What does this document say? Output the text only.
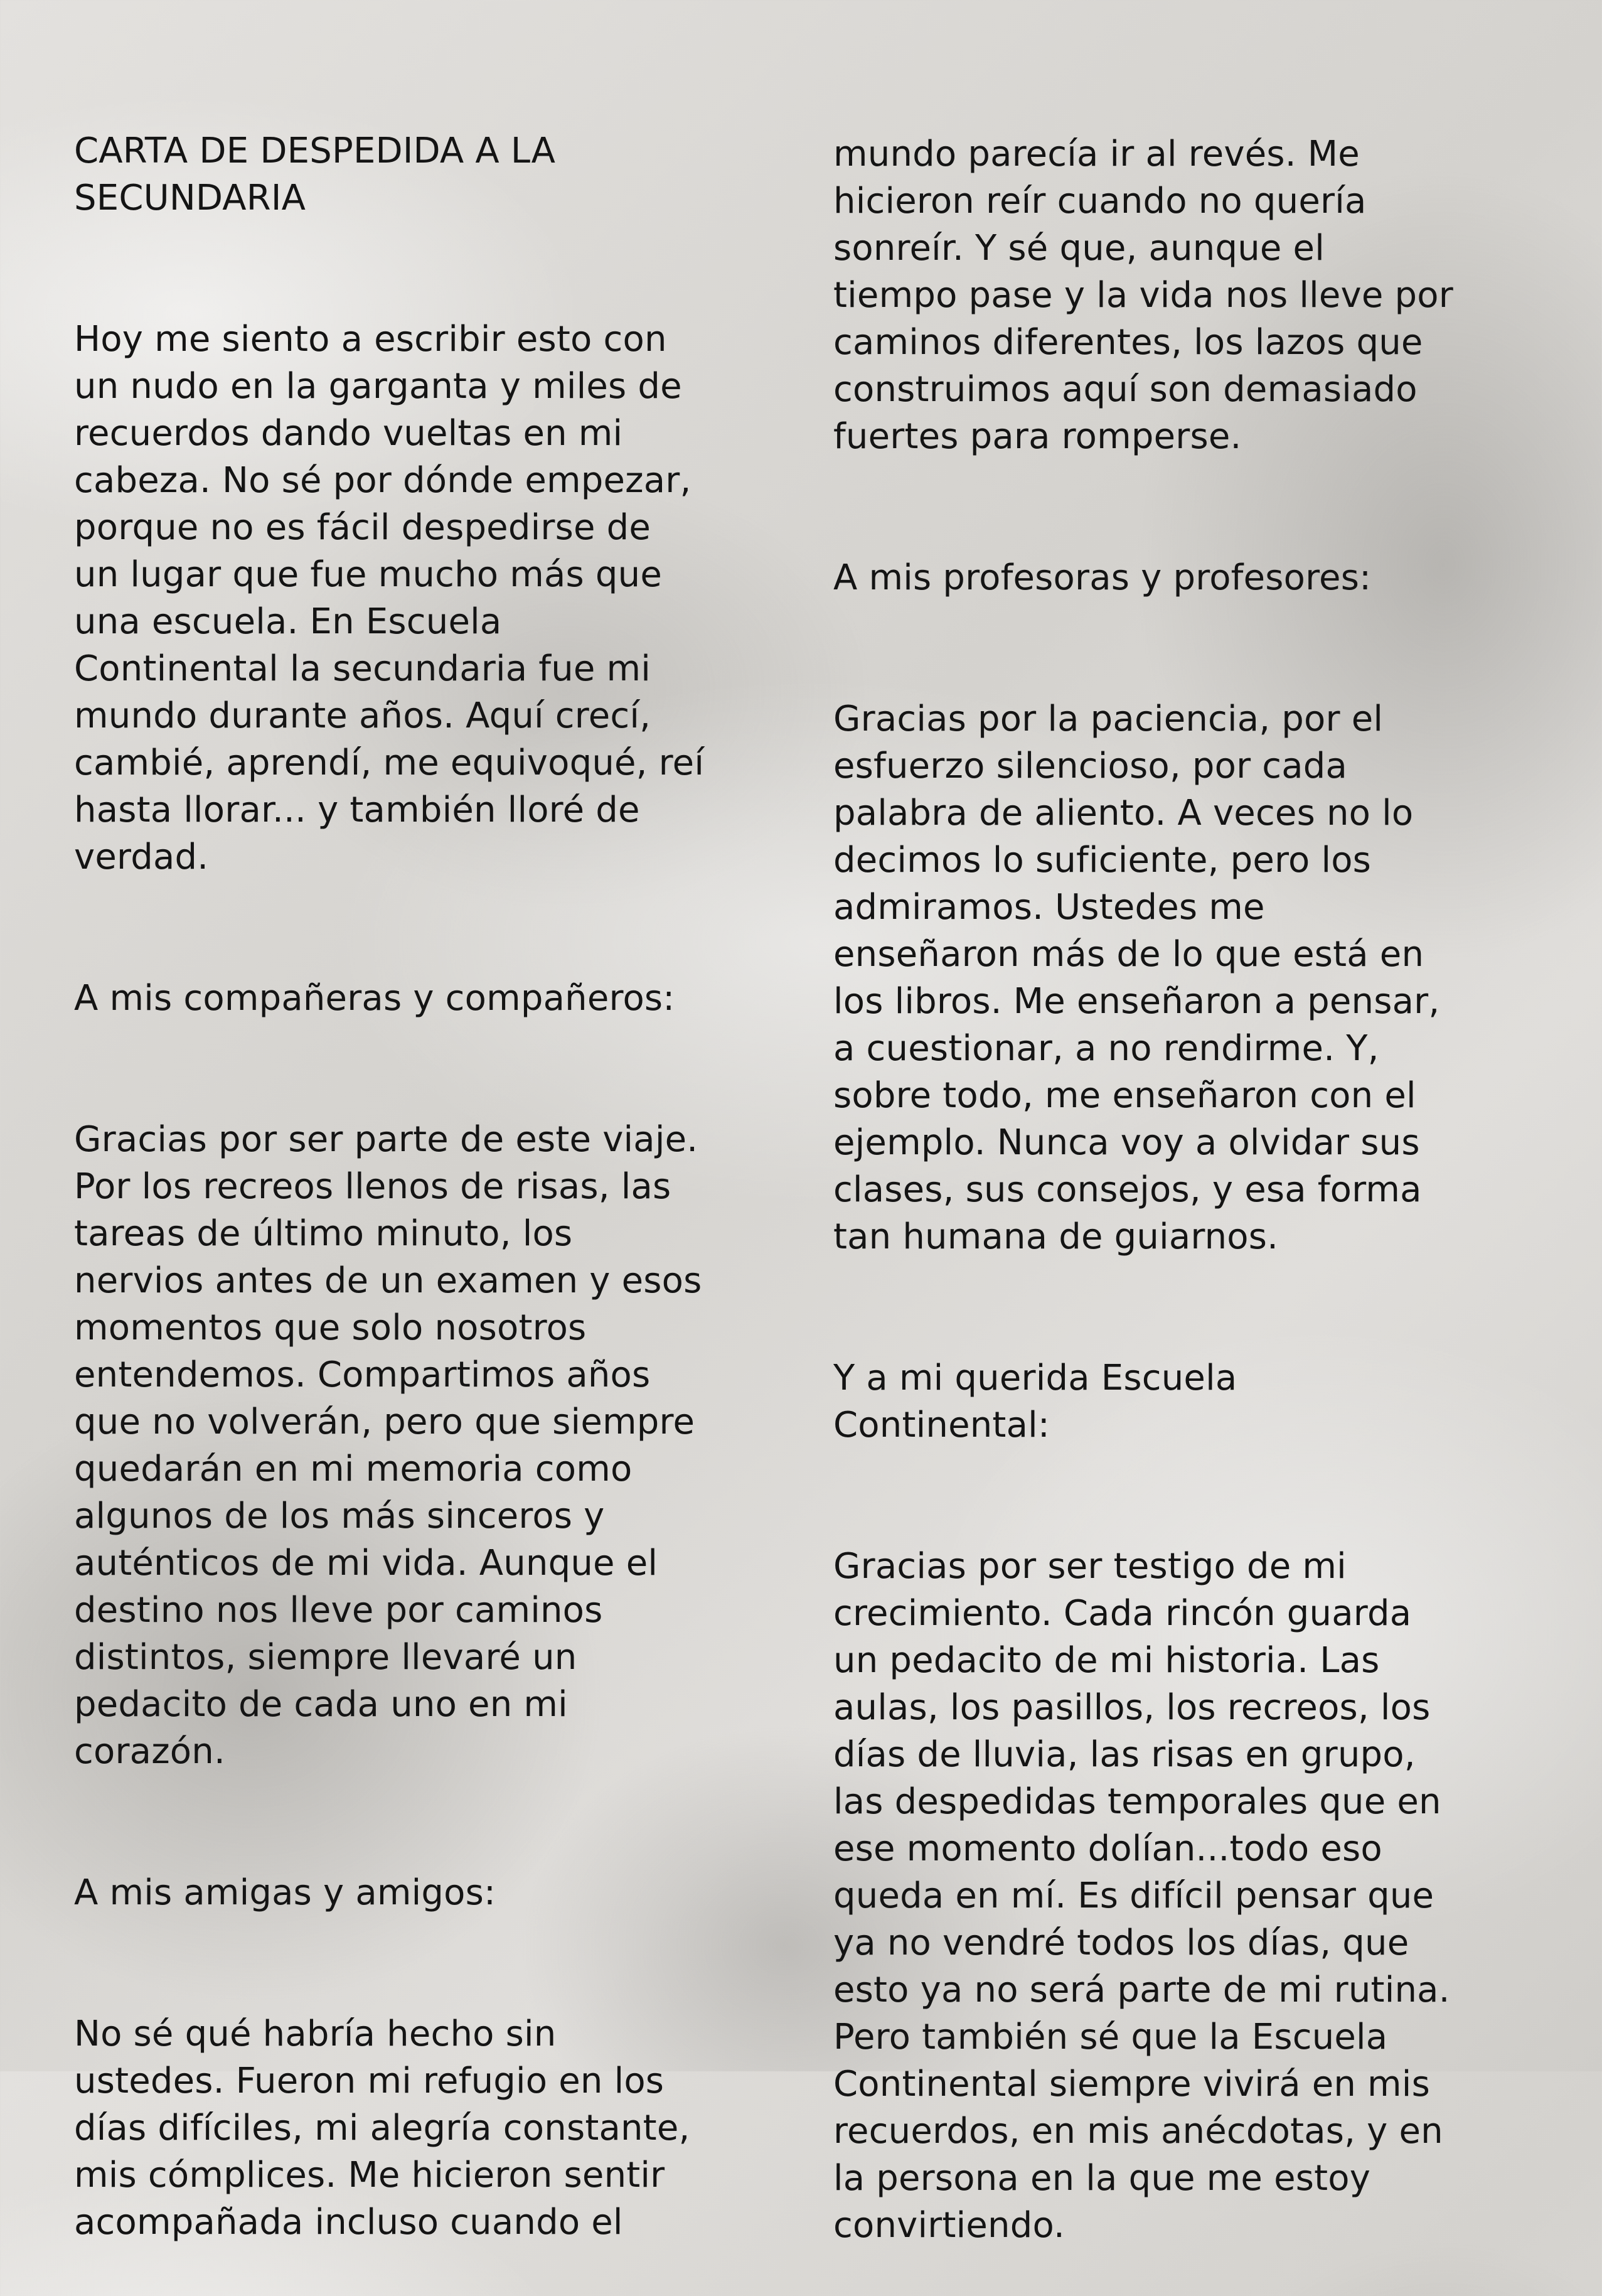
CARTA DE DESPEDIDA A LA
SECUNDARIA

Hoy me siento a escribir esto con
un nudo en la garganta y miles de
recuerdos dando vueltas en mi
cabeza. No sé por dónde empezar,
porque no es fácil despedirse de
un lugar que fue mucho más que
una escuela. En Escuela
Continental la secundaria fue mi
mundo durante años. Aquí crecí,
cambié, aprendí, me equivoqué, reí
hasta llorar... y también lloré de
verdad.

A mis compañeras y compañeros:

Gracias por ser parte de este viaje.
Por los recreos llenos de risas, las
tareas de último minuto, los
nervios antes de un examen y esos
momentos que solo nosotros
entendemos. Compartimos años
que no volverán, pero que siempre
quedarán en mi memoria como
algunos de los más sinceros y
auténticos de mi vida. Aunque el
destino nos lleve por caminos
distintos, siempre llevaré un
pedacito de cada uno en mi
corazón.

A mis amigas y amigos:

No sé qué habría hecho sin
ustedes. Fueron mi refugio en los
días difíciles, mi alegría constante,
mis cómplices. Me hicieron sentir
acompañada incluso cuando el

mundo parecía ir al revés. Me
hicieron reír cuando no quería
sonreír. Y sé que, aunque el
tiempo pase y la vida nos lleve por
caminos diferentes, los lazos que
construimos aquí son demasiado
fuertes para romperse.

A mis profesoras y profesores:

Gracias por la paciencia, por el
esfuerzo silencioso, por cada
palabra de aliento. A veces no lo
decimos lo suficiente, pero los
admiramos. Ustedes me
enseñaron más de lo que está en
los libros. Me enseñaron a pensar,
a cuestionar, a no rendirme. Y,
sobre todo, me enseñaron con el
ejemplo. Nunca voy a olvidar sus
clases, sus consejos, y esa forma
tan humana de guiarnos.

Y a mi querida Escuela
Continental:

Gracias por ser testigo de mi
crecimiento. Cada rincón guarda
un pedacito de mi historia. Las
aulas, los pasillos, los recreos, los
días de lluvia, las risas en grupo,
las despedidas temporales que en
ese momento dolían...todo eso
queda en mí. Es difícil pensar que
ya no vendré todos los días, que
esto ya no será parte de mi rutina.
Pero también sé que la Escuela
Continental siempre vivirá en mis
recuerdos, en mis anécdotas, y en
la persona en la que me estoy
convirtiendo.
